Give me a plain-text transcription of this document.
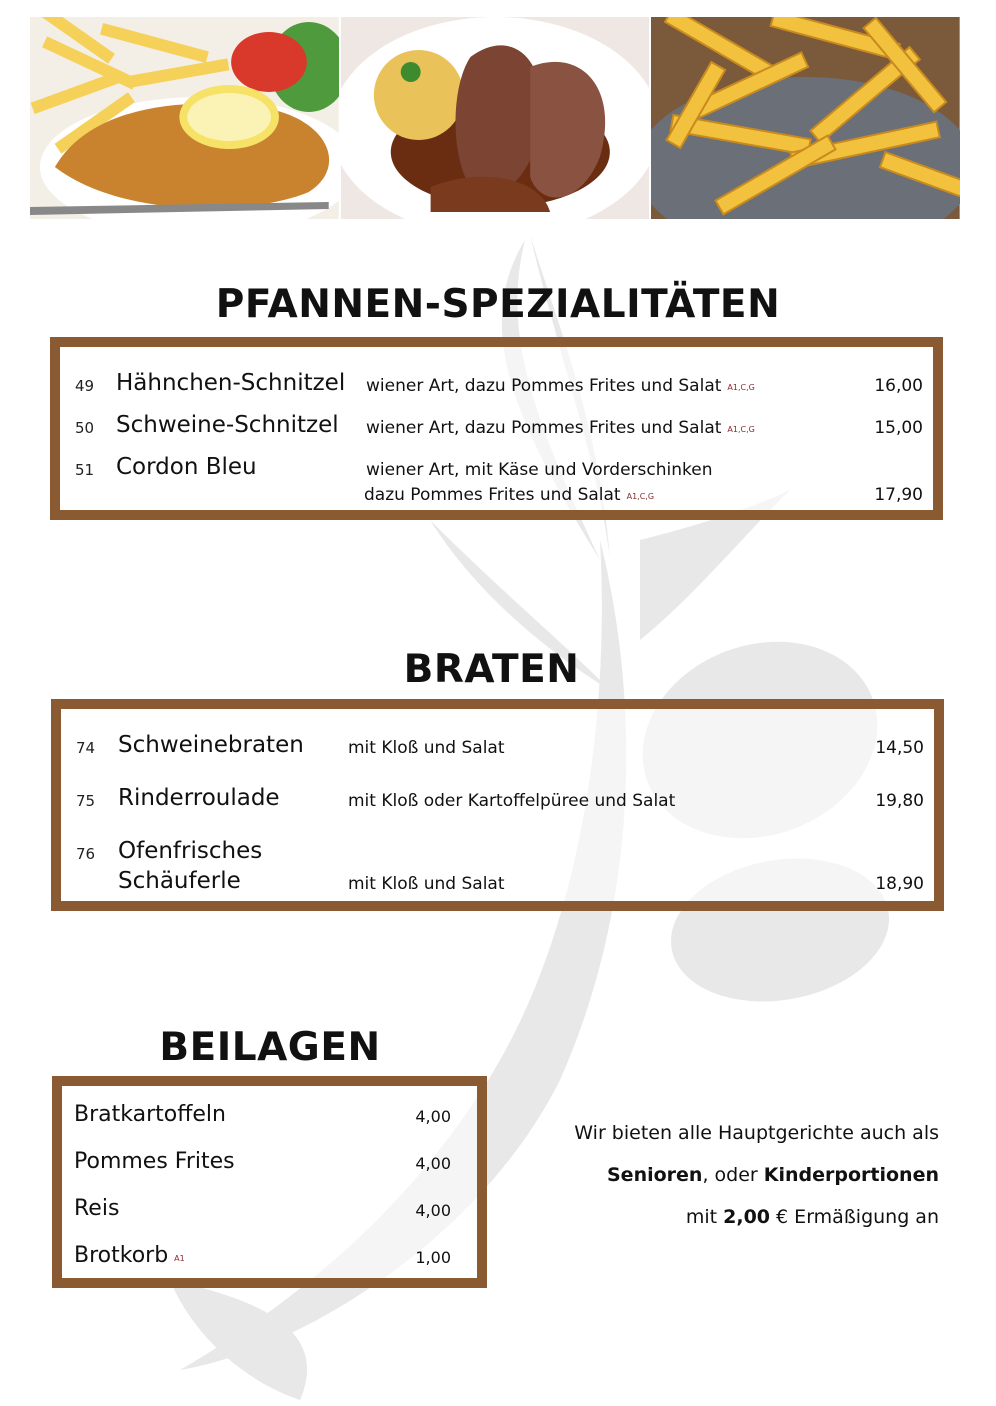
PFANNEN-SPEZIALITÄTEN
49 Hähnchen-Schnitzel wiener Art, dazu Pommes Frites und Salat A1,C,G	16,00
50 Schweine-Schnitzel wiener Art, dazu Pommes Frites und Salat A1,C,G	15,00
51 Cordon Bleu	wiener Art, mit Käse und Vorderschinken
dazu Pommes Frites und Salat A1,C,G	17,90
BRATEN
74 Schweinebraten	mit Kloß und Salat	14,50
75 Rinderroulade	mit Kloß oder Kartoffelpüree und Salat	19,80
76 Ofenfrisches
Schäuferle	mit Kloß und Salat	18,90
BEILAGEN
Bratkartoffeln	4,00
Pommes Frites	4,00
Reis	4,00
Brotkorb A1	1,00
Wir bieten alle Hauptgerichte auch als
Senioren, oder Kinderportionen
mit 2,00 € Ermäßigung an
